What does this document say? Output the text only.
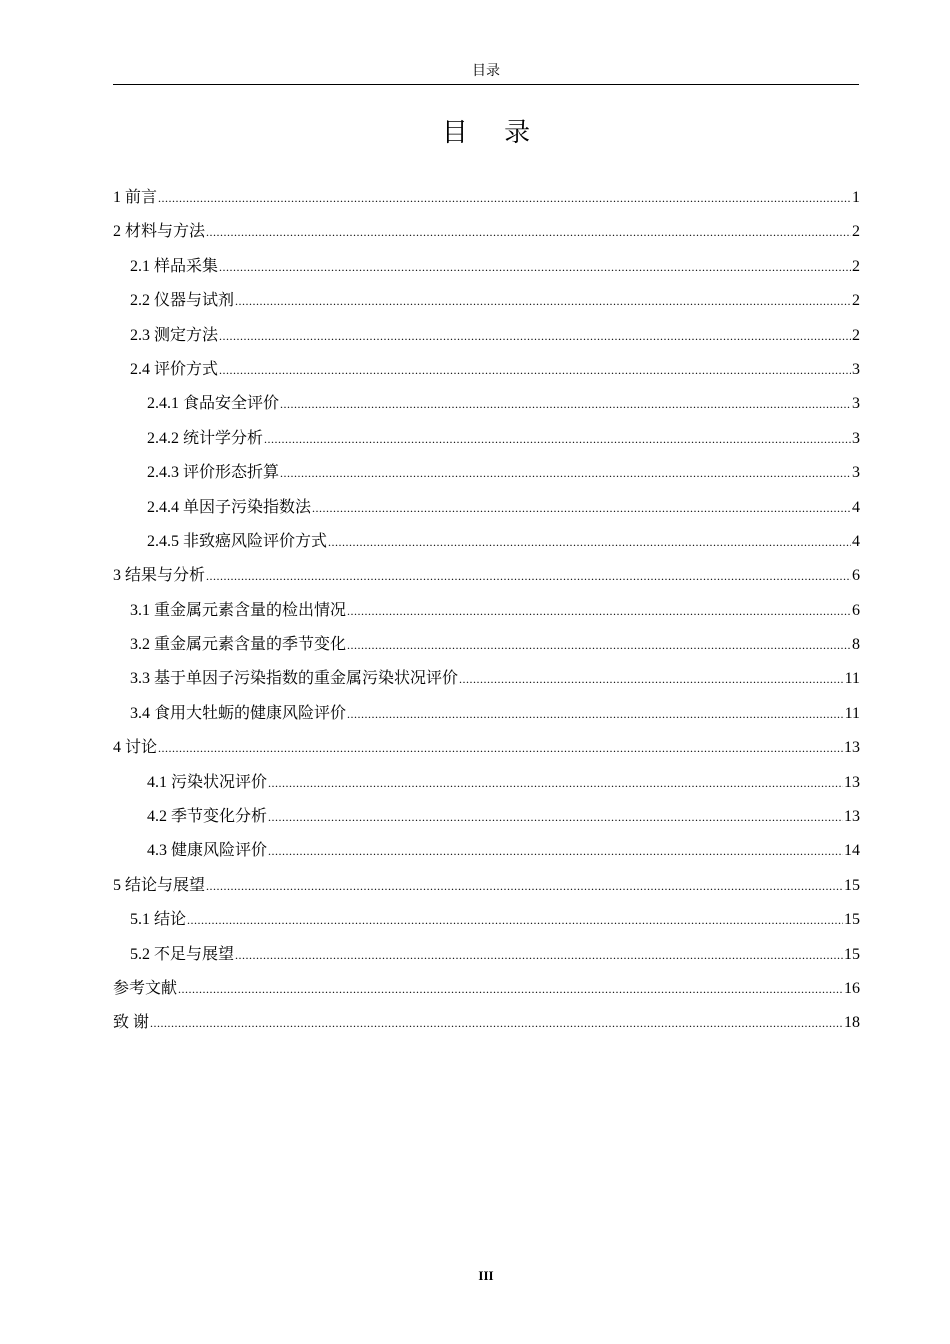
目录
目 录
1 前言 .....	1
2 材料与方法 .....	2
2.1 样品采集 .....	2
2.2 仪器与试剂 .....	2
2.3 测定方法 .....	2
2.4 评价方式 .....	3
2.4.1 食品安全评价 .....	3
2.4.2 统计学分析 .....	3
2.4.3 评价形态折算 .....	3
2.4.4 单因子污染指数法 .....	4
2.4.5 非致癌风险评价方式 .....	4
3 结果与分析 .....	6
3.1 重金属元素含量的检出情况 .....	6
3.2 重金属元素含量的季节变化 .....	8
3.3 基于单因子污染指数的重金属污染状况评价 .....	11
3.4 食用大牡蛎的健康风险评价 .....	11
4 讨论 .....	13
4.1 污染状况评价 .....	13
4.2 季节变化分析 .....	13
4.3 健康风险评价 .....	14
5 结论与展望 .....	15
5.1 结论 .....	15
5.2 不足与展望 .....	15
参考文献 .....	16
致 谢 .....	18
III
